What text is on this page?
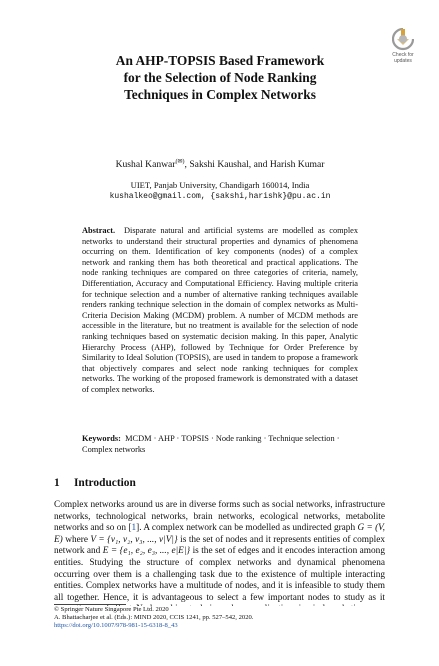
Check for
updates
An AHP-TOPSIS Based Framework
for the Selection of Node Ranking
Techniques in Complex Networks
Kushal Kanwar(✉), Sakshi Kaushal, and Harish Kumar
UIET, Panjab University, Chandigarh 160014, India
kushalkeo@gmail.com, {sakshi,harishk}@pu.ac.in

Abstract. Disparate natural and artificial systems are modelled as complex networks to understand their structural properties and dynamics of phenomena occurring on them. Identification of key components (nodes) of a complex network and ranking them has both theoretical and practical applications. The node ranking techniques are compared on three categories of criteria, namely, Differentiation, Accuracy and Computational Efficiency. Having multiple criteria for technique selection and a number of alternative ranking techniques available renders ranking technique selection in the domain of complex networks as Multi-Criteria Decision Making (MCDM) problem. A number of MCDM methods are accessible in the literature, but no treatment is available for the selection of node ranking techniques based on systematic decision making. In this paper, Analytic Hierarchy Process (AHP), followed by Technique for Order Preference by Similarity to Ideal Solution (TOPSIS), are used in tandem to propose a framework that objectively compares and select node ranking techniques for complex networks. The working of the proposed framework is demonstrated with a dataset of complex networks.

Keywords: MCDM · AHP · TOPSIS · Node ranking · Technique selection · Complex networks
1 Introduction

Complex networks around us are in diverse forms such as social networks, infrastructure networks, technological networks, brain networks, ecological networks, metabolite networks and so on [1]. A complex network can be modelled as undirected graph G = (V, E) where V = {v₁, v₂, v₃, ..., v|V|} is the set of nodes and it represents entities of complex network and E = {e₁, e₂, e₃, ..., e|E|} is the set of edges and it encodes interaction among entities. Studying the structure of complex networks and dynamical phenomena occurring over them is a challenging task due to the existence of multiple interacting entities. Complex networks have a multitude of nodes, and it is infeasible to study them all together. Hence, it is advantageous to select a few important nodes to study as it

© Springer Nature Singapore Pte Ltd. 2020
A. Bhattacharjee et al. (Eds.): MIND 2020, CCIS 1241, pp. 527–542, 2020.
https://doi.org/10.1007/978-981-15-6318-8_43
